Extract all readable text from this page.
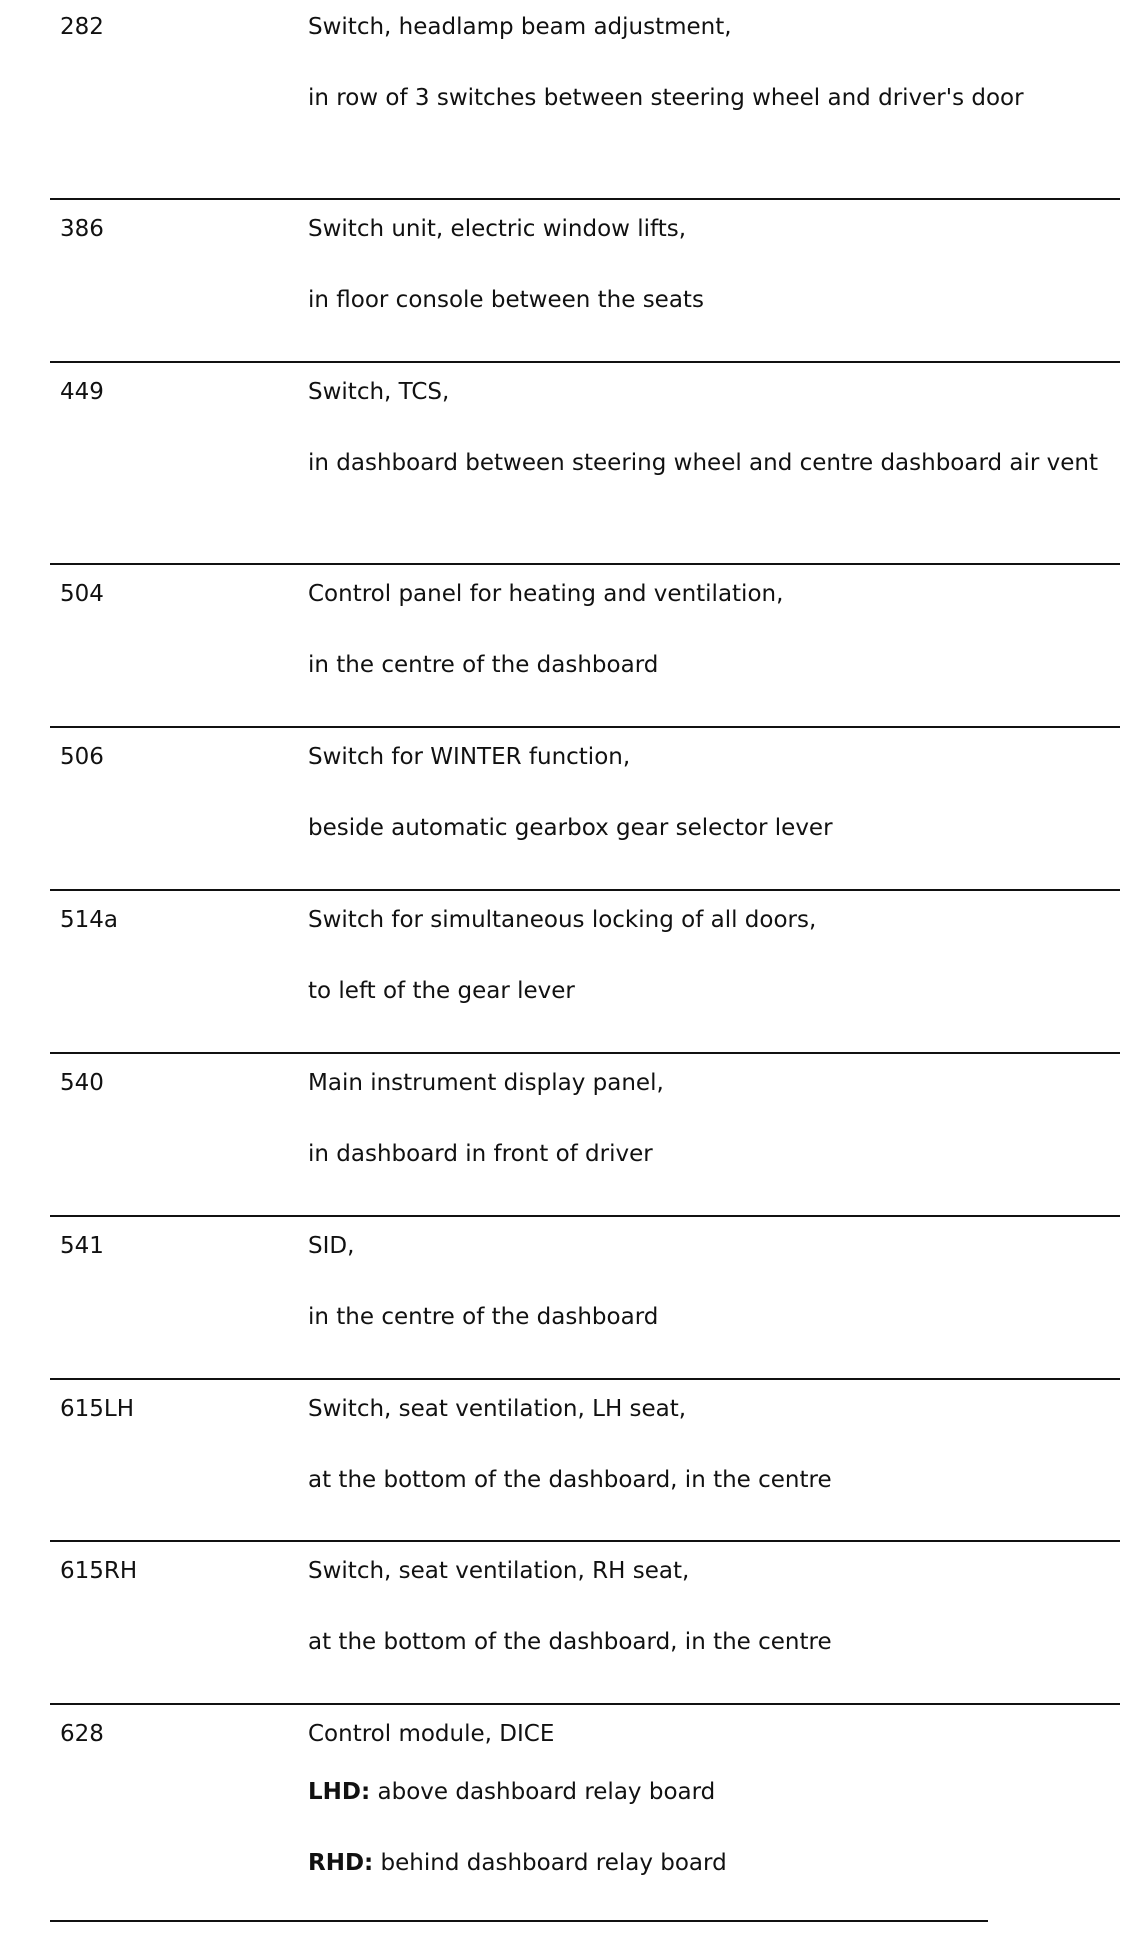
282	Switch, headlamp beam adjustment,

in row of 3 switches between steering wheel and driver's door

386	Switch unit, electric window lifts,

in floor console between the seats

449	Switch, TCS,

in dashboard between steering wheel and centre dashboard air vent

504	Control panel for heating and ventilation,

in the centre of the dashboard

506	Switch for WINTER function,

beside automatic gearbox gear selector lever

514a	Switch for simultaneous locking of all doors,

to left of the gear lever

540	Main instrument display panel,

in dashboard in front of driver

541	SID,

in the centre of the dashboard

615LH	Switch, seat ventilation, LH seat,

at the bottom of the dashboard, in the centre

615RH	Switch, seat ventilation, RH seat,

at the bottom of the dashboard, in the centre

628	Control module, DICE

LHD: above dashboard relay board

RHD: behind dashboard relay board
